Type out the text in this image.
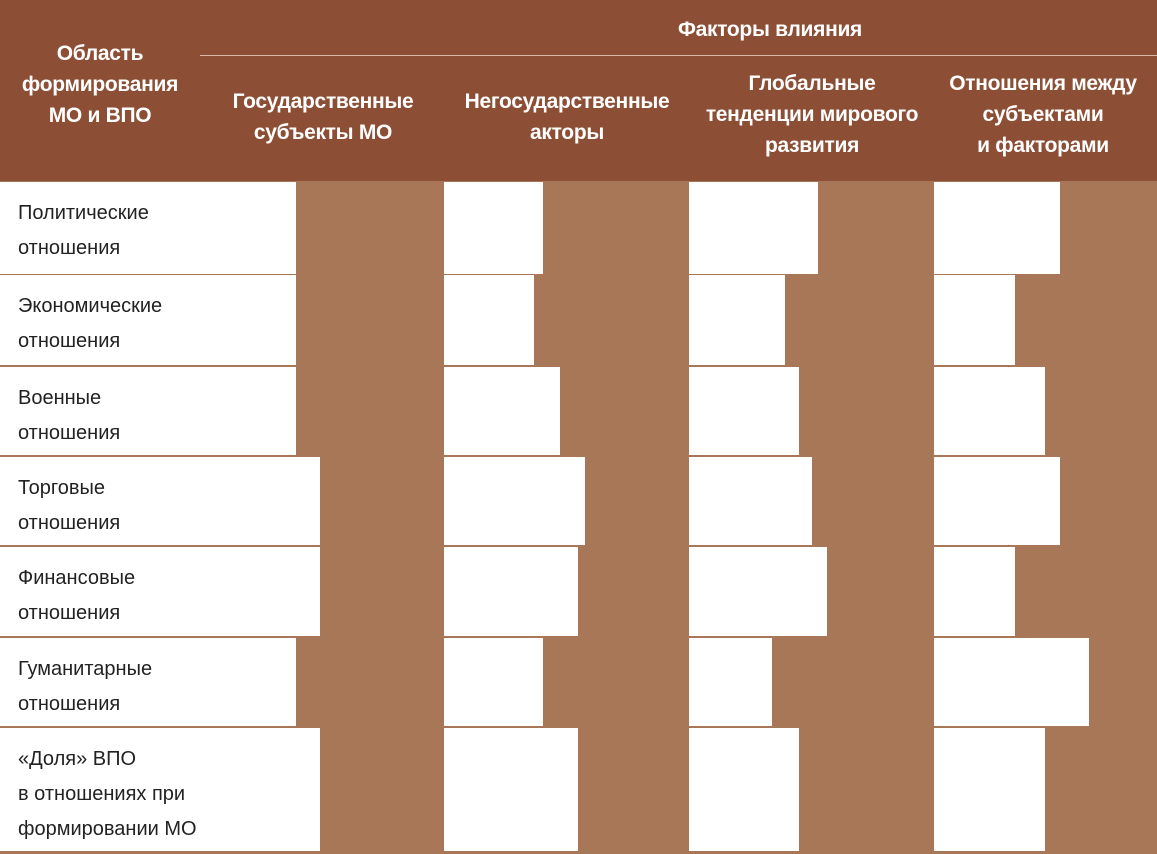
Факторы влияния
Область
формирования
МО и ВПО
Государственные
субъекты МО
Негосударственные
акторы
Глобальные
тенденции мирового
развития
Отношения между
субъектами
и факторами
Политические
отношения
Экономические
отношения
Военные
отношения
Торговые
отношения
Финансовые
отношения
Гуманитарные
отношения
«Доля» ВПО
в отношениях при
формировании МО
